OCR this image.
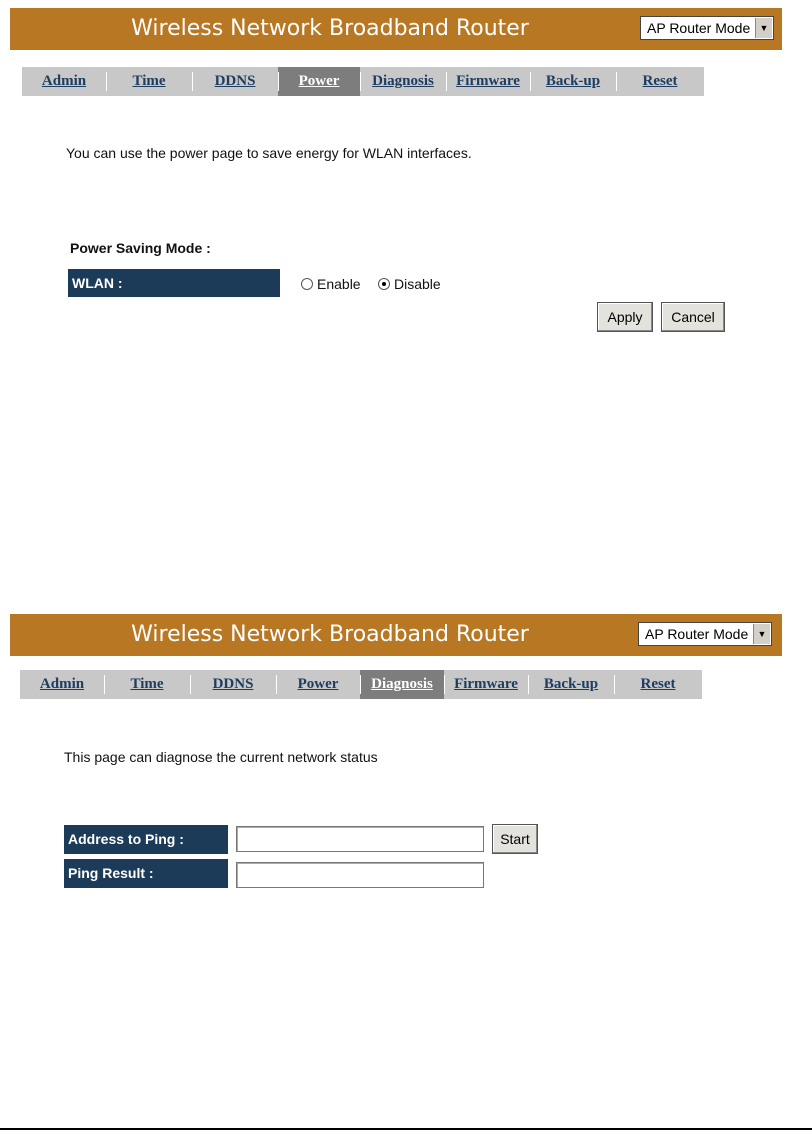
Wireless Network Broadband Router	AP Router Mode	▼
Admin	Time	DDNS	Power	Diagnosis	Firmware	Back-up	Reset
You can use the power page to save energy for WLAN interfaces.
Power Saving Mode :
WLAN :	Enable Disable
Apply	Cancel
Wireless Network Broadband Router	AP Router Mode	▼
Admin	Time	DDNS	Power	Diagnosis	Firmware	Back-up	Reset
This page can diagnose the current network status
Address to Ping :	Start
Ping Result :
